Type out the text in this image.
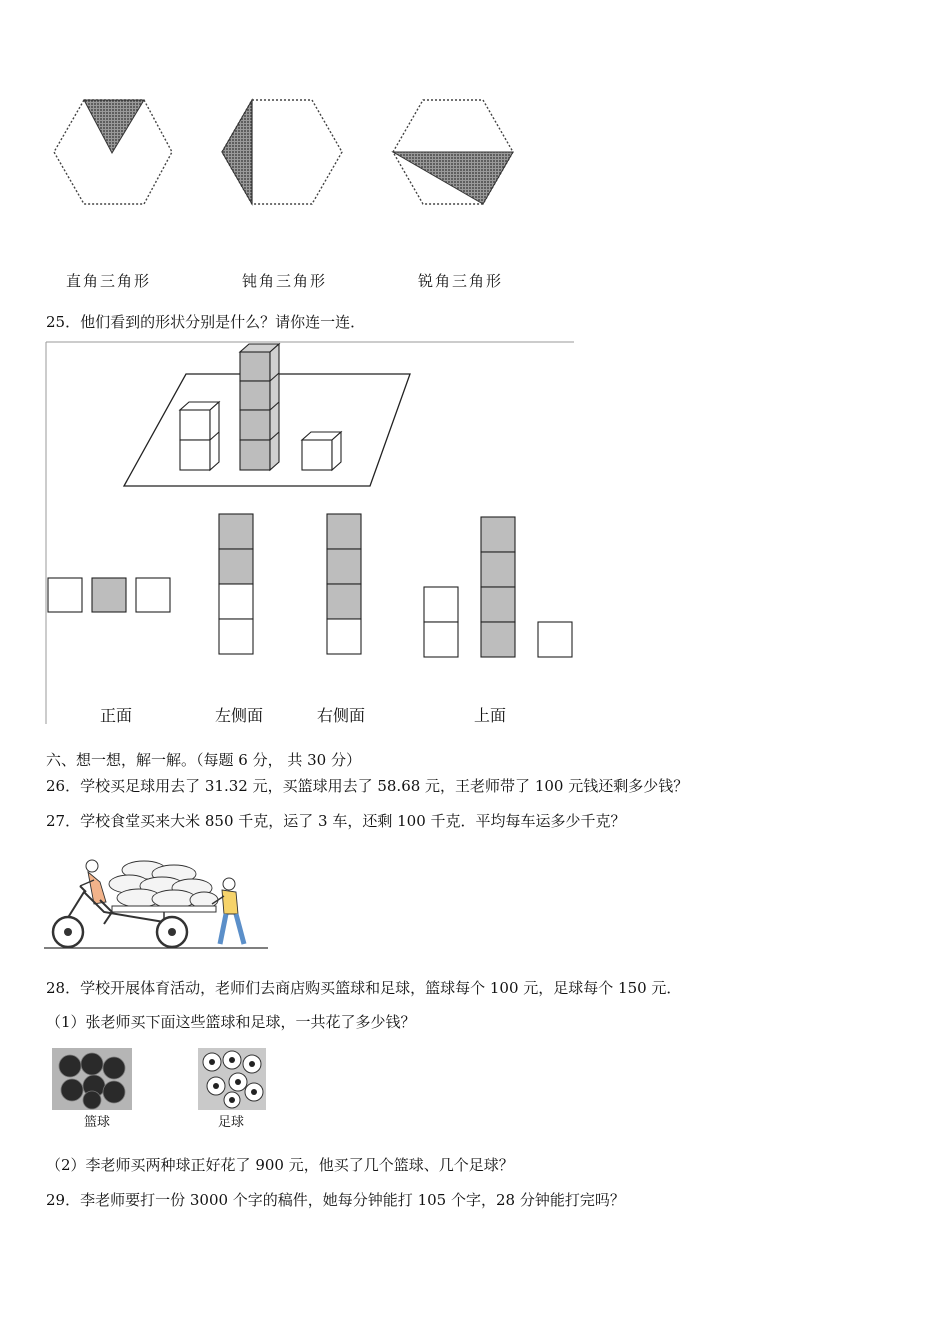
直角三角形	钝角三角形	锐角三角形
25．他们看到的形状分别是什么？请你连一连．
正面	左侧面	右侧面	上面
六、想一想，解一解。（每题 6 分， 共 30 分）
26．学校买足球用去了 31.32 元，买篮球用去了 58.68 元，王老师带了 100 元钱还剩多少钱？
27．学校食堂买来大米 850 千克，运了 3 车，还剩 100 千克．平均每车运多少千克？
28．学校开展体育活动，老师们去商店购买篮球和足球，篮球每个 100 元，足球每个 150 元．
（1）张老师买下面这些篮球和足球，一共花了多少钱？
篮球	足球
（2）李老师买两种球正好花了 900 元，他买了几个篮球、几个足球？
29．李老师要打一份 3000 个字的稿件，她每分钟能打 105 个字，28 分钟能打完吗？
